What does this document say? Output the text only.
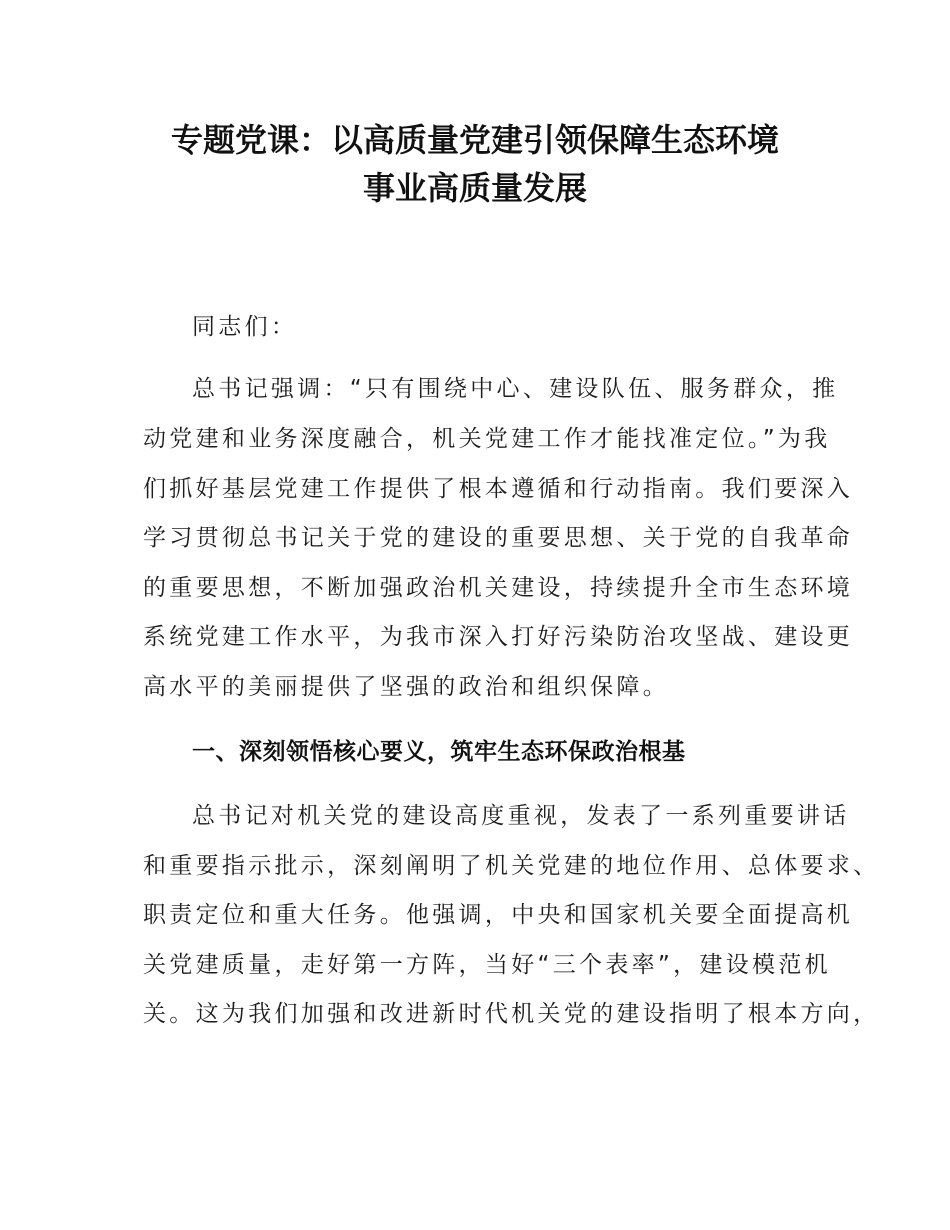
专题党课：以高质量党建引领保障生态环境
事业高质量发展
同志们：
总书记强调：“只有围绕中心、建设队伍、服务群众，推
动党建和业务深度融合，机关党建工作才能找准定位。”为我
们抓好基层党建工作提供了根本遵循和行动指南。我们要深入
学习贯彻总书记关于党的建设的重要思想、关于党的自我革命
的重要思想，不断加强政治机关建设，持续提升全市生态环境
系统党建工作水平，为我市深入打好污染防治攻坚战、建设更
高水平的美丽提供了坚强的政治和组织保障。
一、深刻领悟核心要义，筑牢生态环保政治根基
总书记对机关党的建设高度重视，发表了一系列重要讲话
和重要指示批示，深刻阐明了机关党建的地位作用、总体要求、
职责定位和重大任务。他强调，中央和国家机关要全面提高机
关党建质量，走好第一方阵，当好“三个表率”，建设模范机
关。这为我们加强和改进新时代机关党的建设指明了根本方向，
